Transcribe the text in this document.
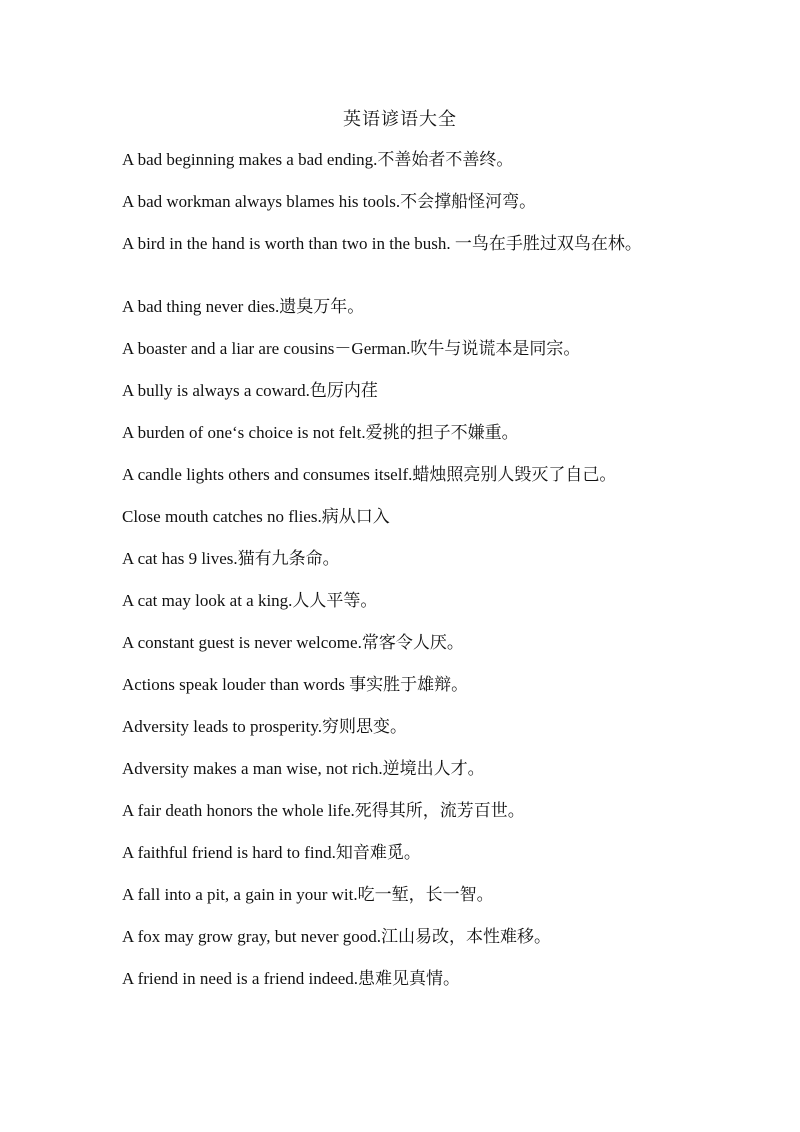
英语谚语大全
A bad beginning makes a bad ending.不善始者不善终。
A bad workman always blames his tools.不会撑船怪河弯。
A bird in the hand is worth than two in the bush. 一鸟在手胜过双鸟在林。
A bad thing never dies.遗臭万年。
A boaster and a liar are cousins－German.吹牛与说谎本是同宗。
A bully is always a coward.色厉内荏
A burden of one‘s choice is not felt.爱挑的担子不嫌重。
A candle lights others and consumes itself.蜡烛照亮别人毁灭了自己。
Close mouth catches no flies.病从口入
A cat has 9 lives.猫有九条命。
A cat may look at a king.人人平等。
A constant guest is never welcome.常客令人厌。
Actions speak louder than words 事实胜于雄辩。
Adversity leads to prosperity.穷则思变。
Adversity makes a man wise, not rich.逆境出人才。
A fair death honors the whole life.死得其所，流芳百世。
A faithful friend is hard to find.知音难觅。
A fall into a pit, a gain in your wit.吃一堑，长一智。
A fox may grow gray, but never good.江山易改，本性难移。
A friend in need is a friend indeed.患难见真情。
